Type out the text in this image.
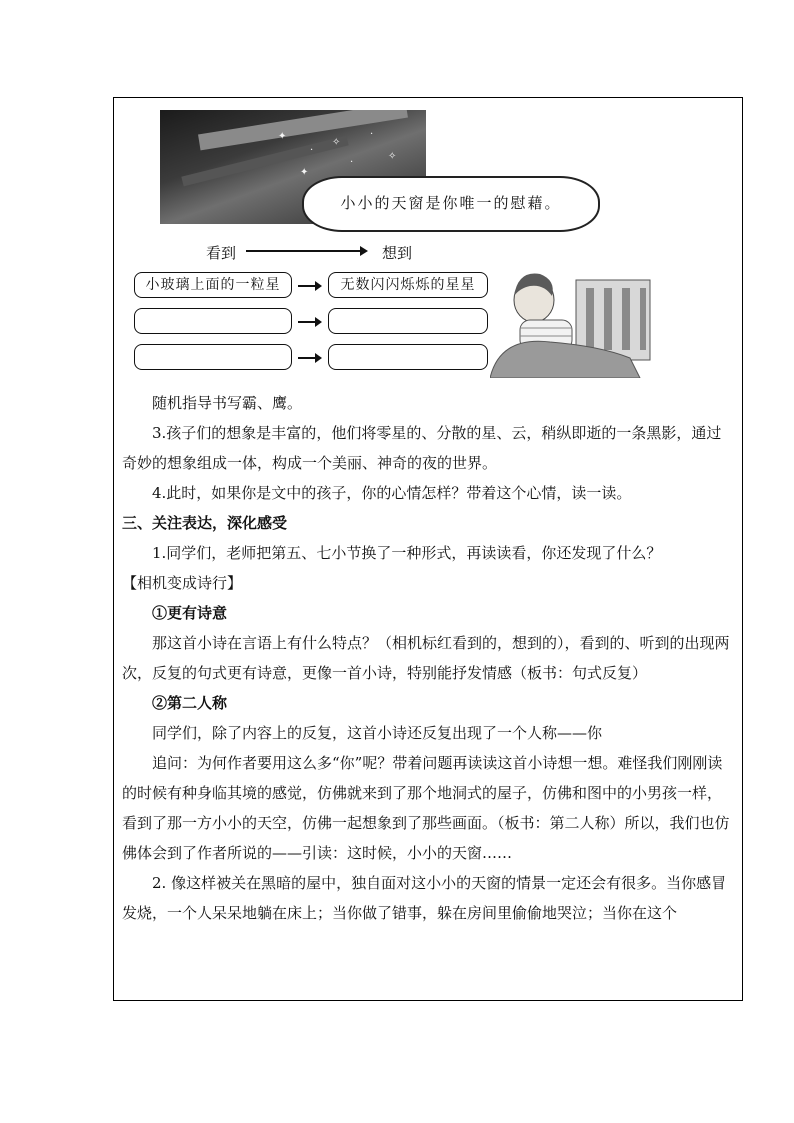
✦
·
✧
·
✦
·
✧
小小的天窗是你唯一的慰藉。
看到	想到
小玻璃上面的一粒星	无数闪闪烁烁的星星

随机指导书写霸、鹰。

3.孩子们的想象是丰富的，他们将零星的、分散的星、云，稍纵即逝的一条黑影，通过奇妙的想象组成一体，构成一个美丽、神奇的夜的世界。

4.此时，如果你是文中的孩子，你的心情怎样？带着这个心情，读一读。

三、关注表达，深化感受

1.同学们，老师把第五、七小节换了一种形式，再读读看，你还发现了什么？

【相机变成诗行】

①更有诗意

那这首小诗在言语上有什么特点？（相机标红看到的，想到的），看到的、听到的出现两次，反复的句式更有诗意，更像一首小诗，特别能抒发情感（板书：句式反复）

②第二人称

同学们，除了内容上的反复，这首小诗还反复出现了一个人称——你

追问：为何作者要用这么多“你”呢？带着问题再读读这首小诗想一想。难怪我们刚刚读的时候有种身临其境的感觉，仿佛就来到了那个地洞式的屋子，仿佛和图中的小男孩一样，看到了那一方小小的天空，仿佛一起想象到了那些画面。（板书：第二人称）所以，我们也仿佛体会到了作者所说的——引读：这时候，小小的天窗……

2. 像这样被关在黑暗的屋中，独自面对这小小的天窗的情景一定还会有很多。当你感冒发烧，一个人呆呆地躺在床上；当你做了错事，躲在房间里偷偷地哭泣；当你在这个
